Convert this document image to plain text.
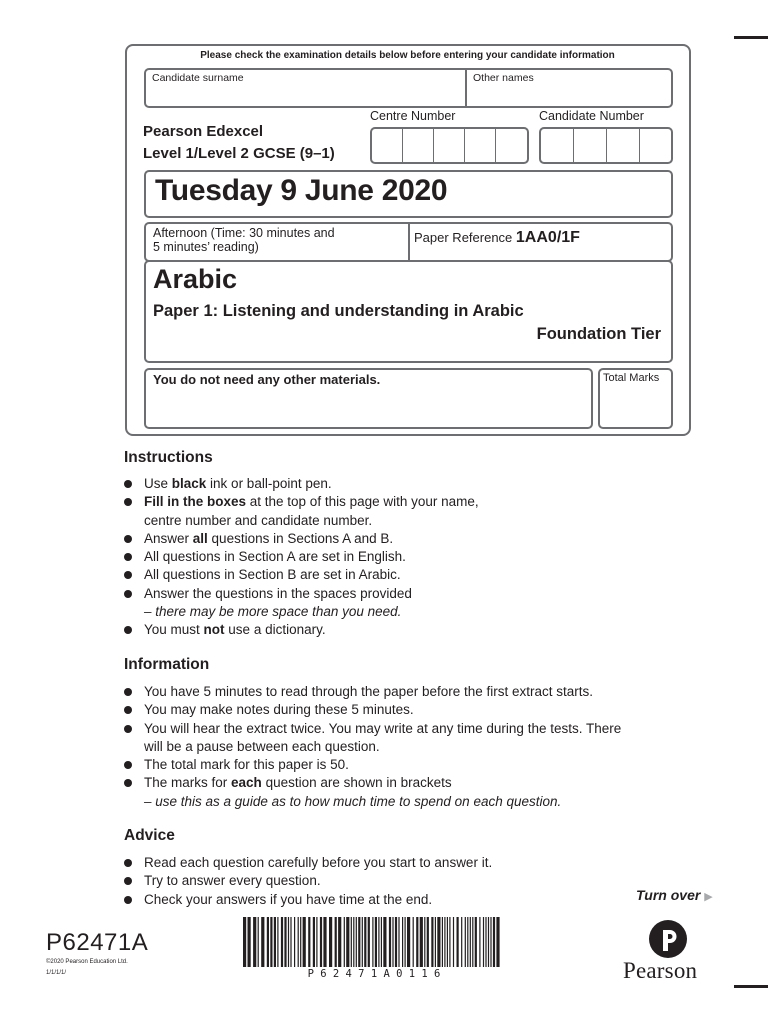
Please check the examination details below before entering your candidate information
Candidate surname	Other names
Pearson Edexcel
Level 1/Level 2 GCSE (9–1)
Centre Number	Candidate Number
Tuesday 9 June 2020
Afternoon (Time: 30 minutes and
5 minutes’ reading)
Paper Reference 1AA0/1F
Arabic
Paper 1: Listening and understanding in Arabic
Foundation Tier
You do not need any other materials.	Total Marks
Instructions
Use black ink or ball-point pen.
Fill in the boxes at the top of this page with your name,
centre number and candidate number.
Answer all questions in Sections A and B.
All questions in Section A are set in English.
All questions in Section B are set in Arabic.
Answer the questions in the spaces provided
– there may be more space than you need.
You must not use a dictionary.
Information
You have 5 minutes to read through the paper before the first extract starts.
You may make notes during these 5 minutes.
You will hear the extract twice. You may write at any time during the tests. There
will be a pause between each question.
The total mark for this paper is 50.
The marks for each question are shown in brackets
– use this as a guide as to how much time to spend on each question.
Advice
Read each question carefully before you start to answer it.
Try to answer every question.
Check your answers if you have time at the end.	Turn over ▶
P62471A
©2020 Pearson Education Ltd.
1/1/1/1/	P 6 2 4 7 1 A 0 1 1 6	Pearson
